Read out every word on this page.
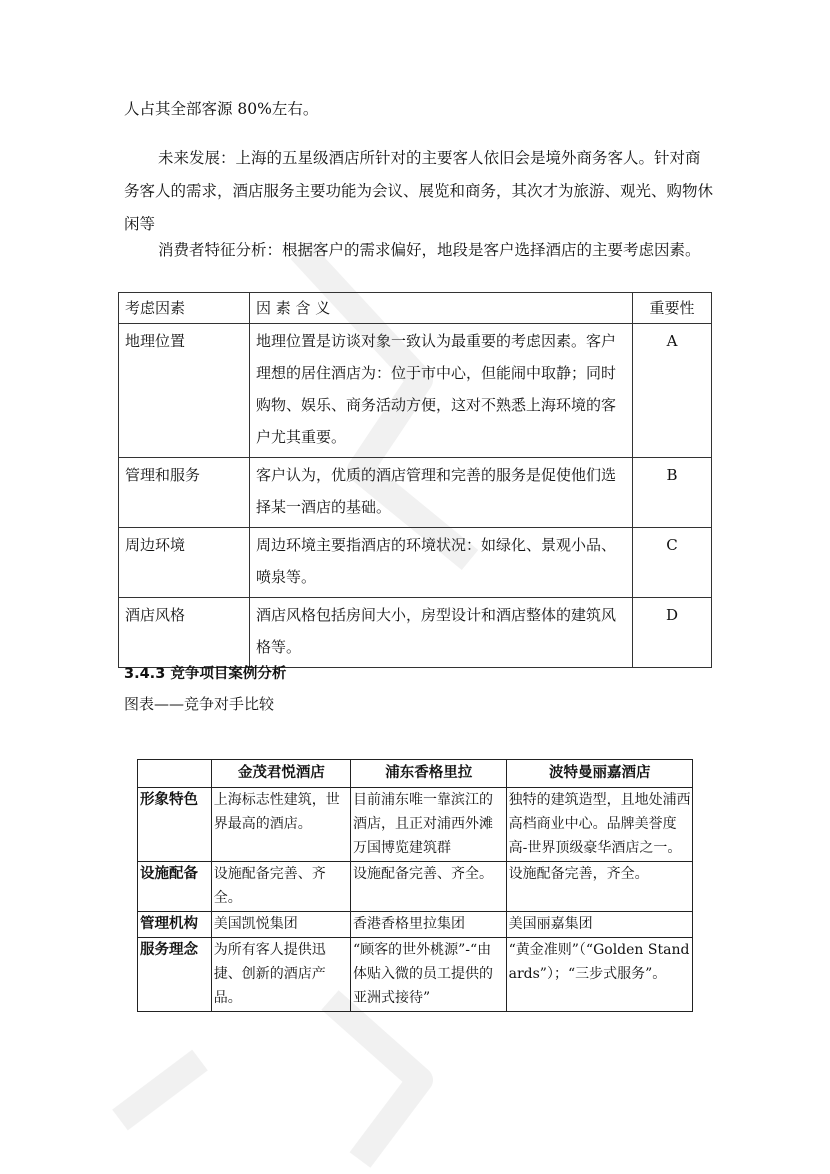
人占其全部客源 80%左右。

未来发展：上海的五星级酒店所针对的主要客人依旧会是境外商务客人。针对商务客人的需求，酒店服务主要功能为会议、展览和商务，其次才为旅游、观光、购物休闲等

消费者特征分析：根据客户的需求偏好，地段是客户选择酒店的主要考虑因素。

考虑因素	因 素 含 义	重要性
地理位置	地理位置是访谈对象一致认为最重要的考虑因素。客户理想的居住酒店为：位于市中心，但能闹中取静；同时购物、娱乐、商务活动方便，这对不熟悉上海环境的客户尤其重要。	A
管理和服务	客户认为，优质的酒店管理和完善的服务是促使他们选择某一酒店的基础。	B
周边环境	周边环境主要指酒店的环境状况：如绿化、景观小品、喷泉等。	C
酒店风格	酒店风格包括房间大小，房型设计和酒店整体的建筑风格等。	D
3.4.3 竞争项目案例分析
图表——竞争对手比较
	金茂君悦酒店	浦东香格里拉	波特曼丽嘉酒店
形象特色	上海标志性建筑，世界最高的酒店。	目前浦东唯一靠滨江的酒店，且正对浦西外滩万国博览建筑群	独特的建筑造型，且地处浦西高档商业中心。品牌美誉度高-世界顶级豪华酒店之一。
设施配备	设施配备完善、齐全。	设施配备完善、齐全。	设施配备完善，齐全。
管理机构	美国凯悦集团	香港香格里拉集团	美国丽嘉集团
服务理念	为所有客人提供迅捷、创新的酒店产品。	“顾客的世外桃源”-“由体贴入微的员工提供的亚洲式接待”	“黄金准则”（“Golden Standards”）；“三步式服务”。
